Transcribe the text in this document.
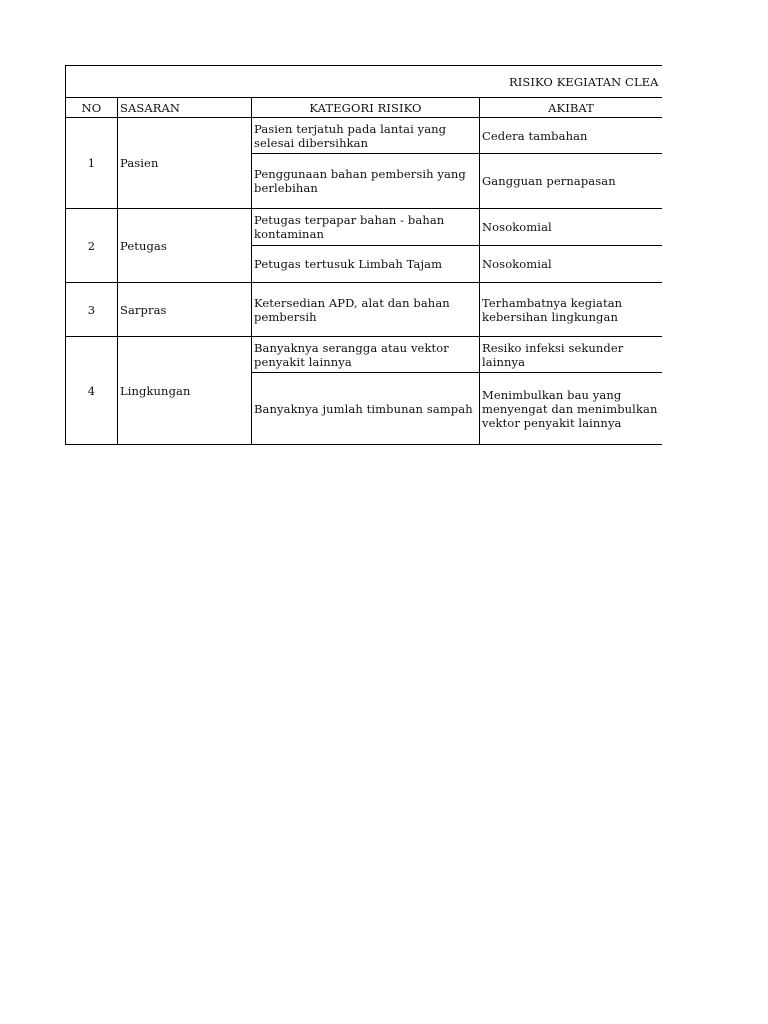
RISIKO KEGIATAN CLEA			
NO	SASARAN	KATEGORI RISIKO	AKIBAT
1	Pasien	Pasien terjatuh pada lantai yang selesai dibersihkan	Cedera tambahan
		Penggunaan bahan pembersih yang berlebihan	Gangguan pernapasan
2	Petugas	Petugas terpapar bahan - bahan kontaminan	Nosokomial
		Petugas tertusuk Limbah Tajam	Nosokomial
3	Sarpras	Ketersedian APD, alat dan bahan pembersih	Terhambatnya kegiatan kebersihan lingkungan
4	Lingkungan	Banyaknya serangga atau vektor penyakit lainnya	Resiko infeksi sekunder lainnya
		Banyaknya jumlah timbunan sampah	Menimbulkan bau yang menyengat dan menimbulkan vektor penyakit lainnya
